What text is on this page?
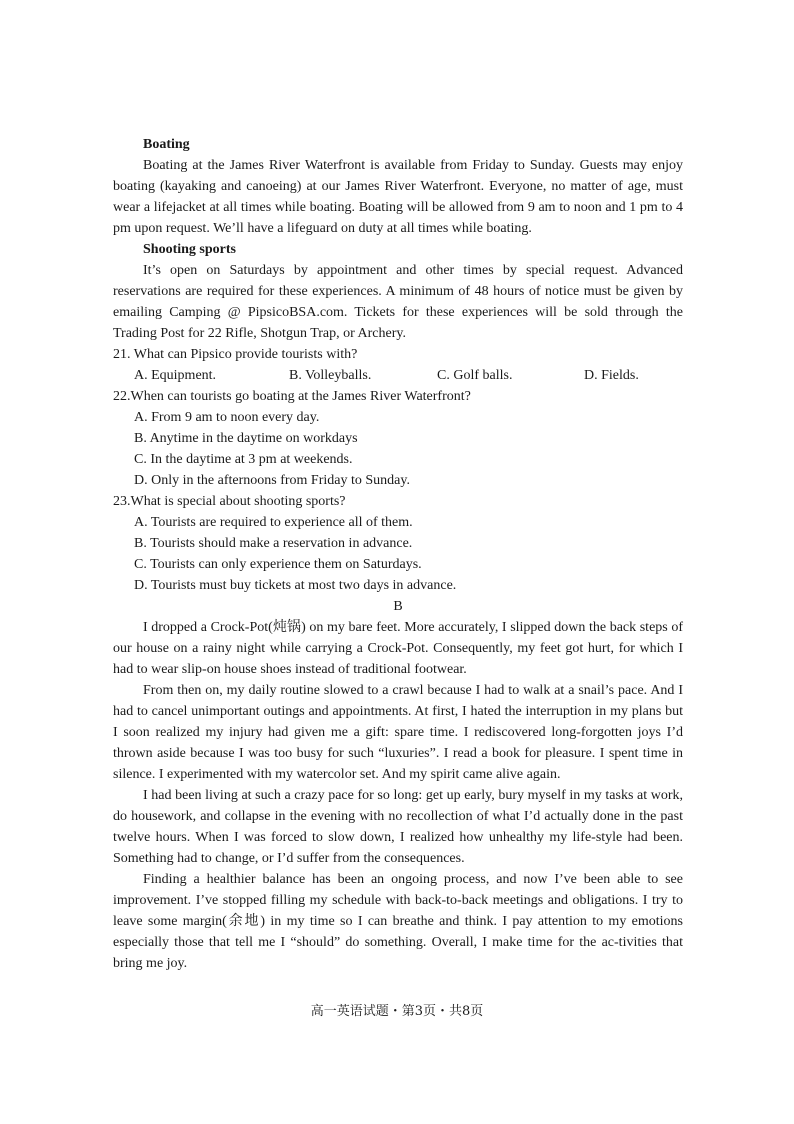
Boating

Boating at the James River Waterfront is available from Friday to Sunday. Guests may enjoy boating (kayaking and canoeing) at our James River Waterfront. Everyone, no matter of age, must wear a lifejacket at all times while boating. Boating will be allowed from 9 am to noon and 1 pm to 4 pm upon request. We’ll have a lifeguard on duty at all times while boating.

Shooting sports

It’s open on Saturdays by appointment and other times by special request. Advanced reservations are required for these experiences. A minimum of 48 hours of notice must be given by emailing Camping @ PipsicoBSA.com. Tickets for these experiences will be sold through the Trading Post for 22 Rifle, Shotgun Trap, or Archery.

21. What can Pipsico provide tourists with?

A. Equipment.	B. Volleyballs.	C. Golf balls.	D. Fields.

22.When can tourists go boating at the James River Waterfront?

A. From 9 am to noon every day.

B. Anytime in the daytime on workdays

C. In the daytime at 3 pm at weekends.

D. Only in the afternoons from Friday to Sunday.

23.What is special about shooting sports?

A. Tourists are required to experience all of them.

B. Tourists should make a reservation in advance.

C. Tourists can only experience them on Saturdays.

D. Tourists must buy tickets at most two days in advance.

B

I dropped a Crock-Pot(炖锅) on my bare feet. More accurately, I slipped down the back steps of our house on a rainy night while carrying a Crock-Pot. Consequently, my feet got hurt, for which I had to wear slip-on house shoes instead of traditional footwear.

From then on, my daily routine slowed to a crawl because I had to walk at a snail’s pace. And I had to cancel unimportant outings and appointments. At first, I hated the interruption in my plans but I soon realized my injury had given me a gift: spare time. I rediscovered long-forgotten joys I’d thrown aside because I was too busy for such “luxuries”. I read a book for pleasure. I spent time in silence. I experimented with my watercolor set. And my spirit came alive again.

I had been living at such a crazy pace for so long: get up early, bury myself in my tasks at work, do housework, and collapse in the evening with no recollection of what I’d actually done in the past twelve hours. When I was forced to slow down, I realized how unhealthy my life-style had been. Something had to change, or I’d suffer from the consequences.

Finding a healthier balance has been an ongoing process, and now I’ve been able to see improvement. I’ve stopped filling my schedule with back-to-back meetings and obligations. I try to leave some margin(余地) in my time so I can breathe and think. I pay attention to my emotions especially those that tell me I “should” do something. Overall, I make time for the ac-tivities that bring me joy.

高一英语试题・第3页・共8页
